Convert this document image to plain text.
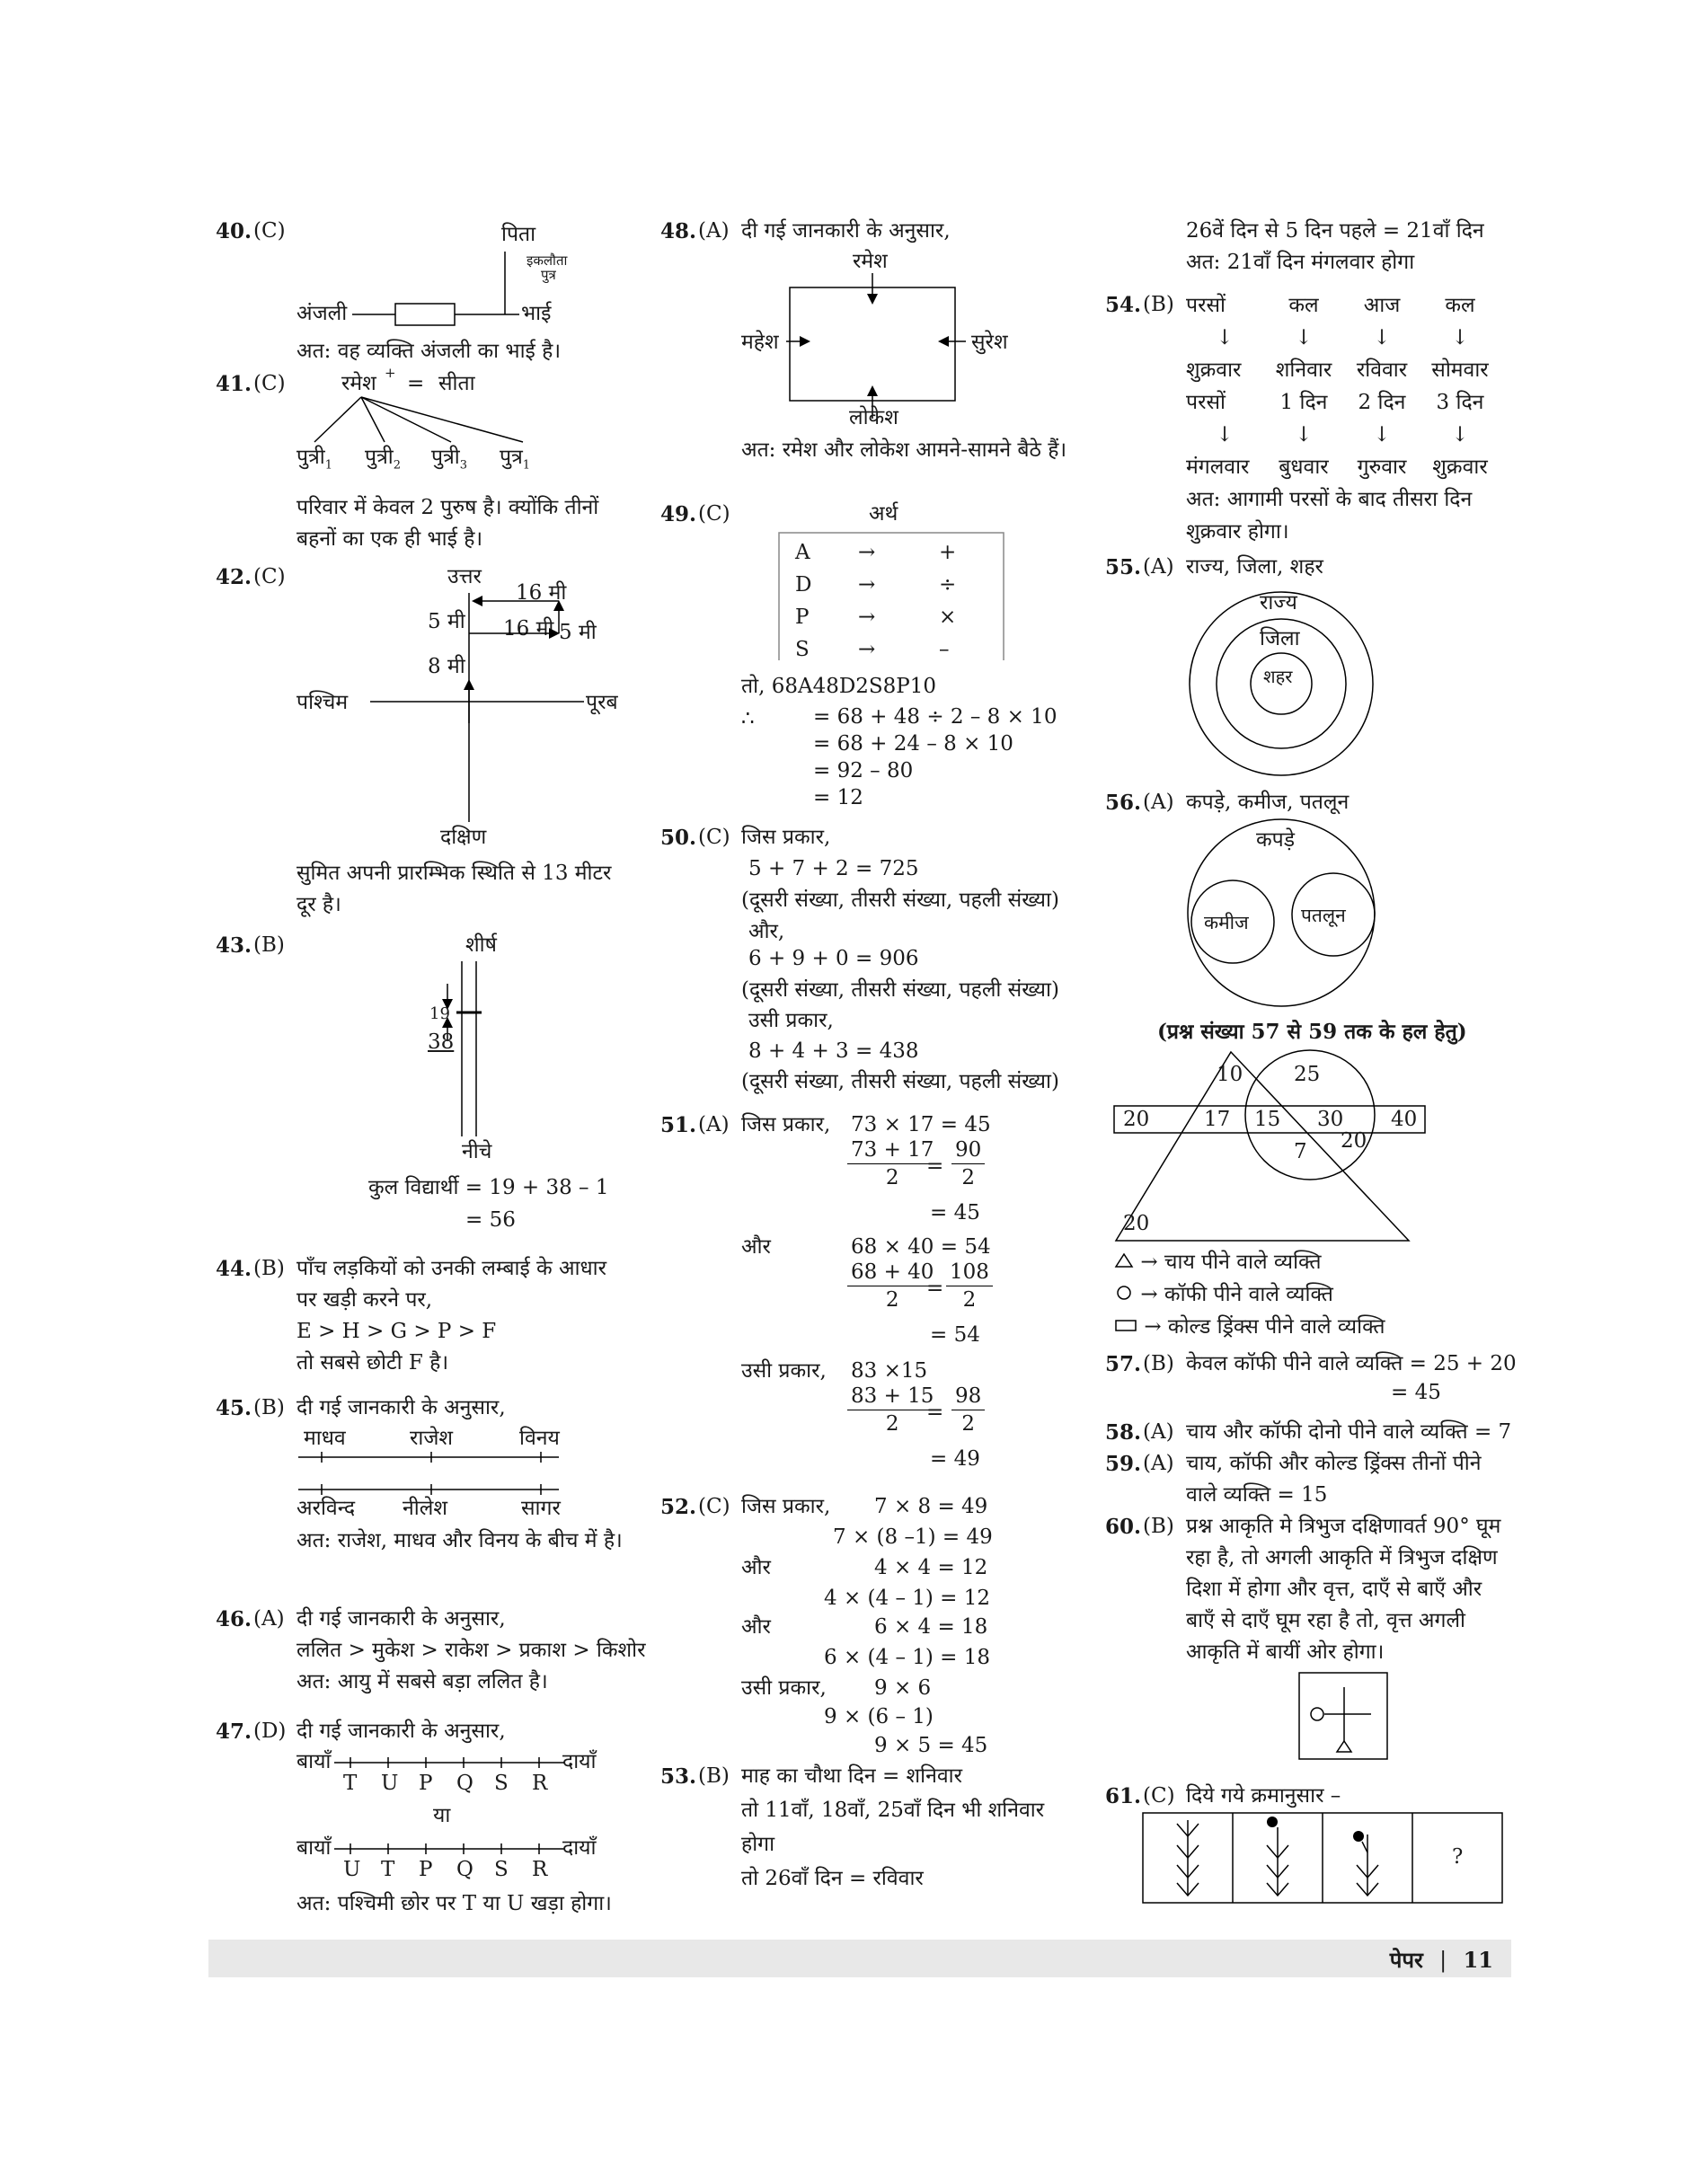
40. (C)	पिता
इकलौता
पुत्र
अंजली	भाई
अत: वह व्यक्ति अंजली का भाई है।
41. (C)	रमेश + = सीता
$पुत्री_1$ $पुत्री_2$ $पुत्री_3$ पुत्र$_1$
परिवार में केवल 2 पुरुष है। क्योंकि तीनों बहनों का एक ही भाई है।
42. (C)	उत्तर
16 मी
5 मी 16 मी 5 मी
8 मी
पश्चिम	पूरब
दक्षिण
सुमित अपनी प्रारम्भिक स्थिति से 13 मीटर दूर है।
43. (B)	शीर्ष
19
38
नीचे
कुल विद्यार्थी = 19 + 38 – 1
= 56
44. (B) पाँच लड़कियों को उनकी लम्बाई के आधार
पर खड़ी करने पर,
E > H > G > P > F
तो सबसे छोटी F है।
45. (B) दी गई जानकारी के अनुसार,
माधव	राजेश	विनय
अरविन्द नीलेश	सागर
अत: राजेश, माधव और विनय के बीच में है।
46. (A) दी गई जानकारी के अनुसार,
ललित > मुकेश > राकेश > प्रकाश > किशोर
अत: आयु में सबसे बड़ा ललित है।
47. (D) दी गई जानकारी के अनुसार,
बायाँ	दायाँ
T U P Q S R
या
बायाँ	दायाँ
U T P Q S R
अत: पश्चिमी छोर पर T या U खड़ा होगा।
48. (A) दी गई जानकारी के अनुसार,
रमेश
महेश	सुरेश
लोकेश
अत: रमेश और लोकेश आमने-सामने बैठे हैं।
49. (C)	अर्थ
A →	+
D →	÷
P →	×
S →	–
तो, 68A48D2S8P10
∴	= 68 + 48 ÷ 2 – 8 × 10
= 68 + 24 – 8 × 10
= 92 – 80
= 12
50. (C) जिस प्रकार,
5 + 7 + 2 = 725
(दूसरी संख्या, तीसरी संख्या, पहली संख्या)
और,
6 + 9 + 0 = 906
(दूसरी संख्या, तीसरी संख्या, पहली संख्या)
उसी प्रकार,
8 + 4 + 3 = 438
(दूसरी संख्या, तीसरी संख्या, पहली संख्या)
51. (A) जिस प्रकार, 73 × 17 = 45
$\frac{73 + 17}{2}$
= $\frac{90}{2}$
= 45
और	68 × 40 = 54
$\frac{68 + 40}{2}$
= $\frac{108}{2}$
= 54
उसी प्रकार, 83 ×15
$\frac{83 + 15}{2}$
= $\frac{98}{2}$
= 49
52. (C) जिस प्रकार, 7 × 8 = 49
7 × (8 –1) = 49
और	4 × 4 = 12
4 × (4 – 1) = 12
और	6 × 4 = 18
6 × (4 – 1) = 18
उसी प्रकार, 9 × 6
9 × (6 – 1)
9 × 5 = 45
53. (B) माह का चौथा दिन = शनिवार
तो 11वाँ, 18वाँ, 25वाँ दिन भी शनिवार
होगा
तो 26वाँ दिन = रविवार
26वें दिन से 5 दिन पहले = 21वाँ दिन
अत: 21वाँ दिन मंगलवार होगा
54. (B) परसों	कल आज कल
↓	↓	↓	↓
शुक्रवार शनिवार रविवार सोमवार
परसों	1 दिन 2 दिन 3 दिन
↓	↓	↓	↓
मंगलवार बुधवार गुरुवार शुक्रवार
अत: आगामी परसों के बाद तीसरा दिन
शुक्रवार होगा।
55. (A) राज्य, जिला, शहर
राज्य
जिला
शहर
56. (A) कपड़े, कमीज, पतलून
कपड़े
कमीज	पतलून
(प्रश्न संख्या 57 से 59 तक के हल हेतु)
10 25
20	17 15 30 40
7 20
20
→ चाय पीने वाले व्यक्ति
→ कॉफी पीने वाले व्यक्ति
→ कोल्ड ड्रिंक्स पीने वाले व्यक्ति
57. (B) केवल कॉफी पीने वाले व्यक्ति = 25 + 20
= 45
58. (A) चाय और कॉफी दोनो पीने वाले व्यक्ति = 7
59. (A) चाय, कॉफी और कोल्ड ड्रिंक्स तीनों पीने
वाले व्यक्ति = 15
60. (B) प्रश्न आकृति मे त्रिभुज दक्षिणावर्त 90° घूम
रहा है, तो अगली आकृति में त्रिभुज दक्षिण
दिशा में होगा और वृत्त, दाएँ से बाएँ और
बाएँ से दाएँ घूम रहा है तो, वृत्त अगली
आकृति में बायीं ओर होगा।
61. (C) दिये गये क्रमानुसार –
?
पेपर | 11
